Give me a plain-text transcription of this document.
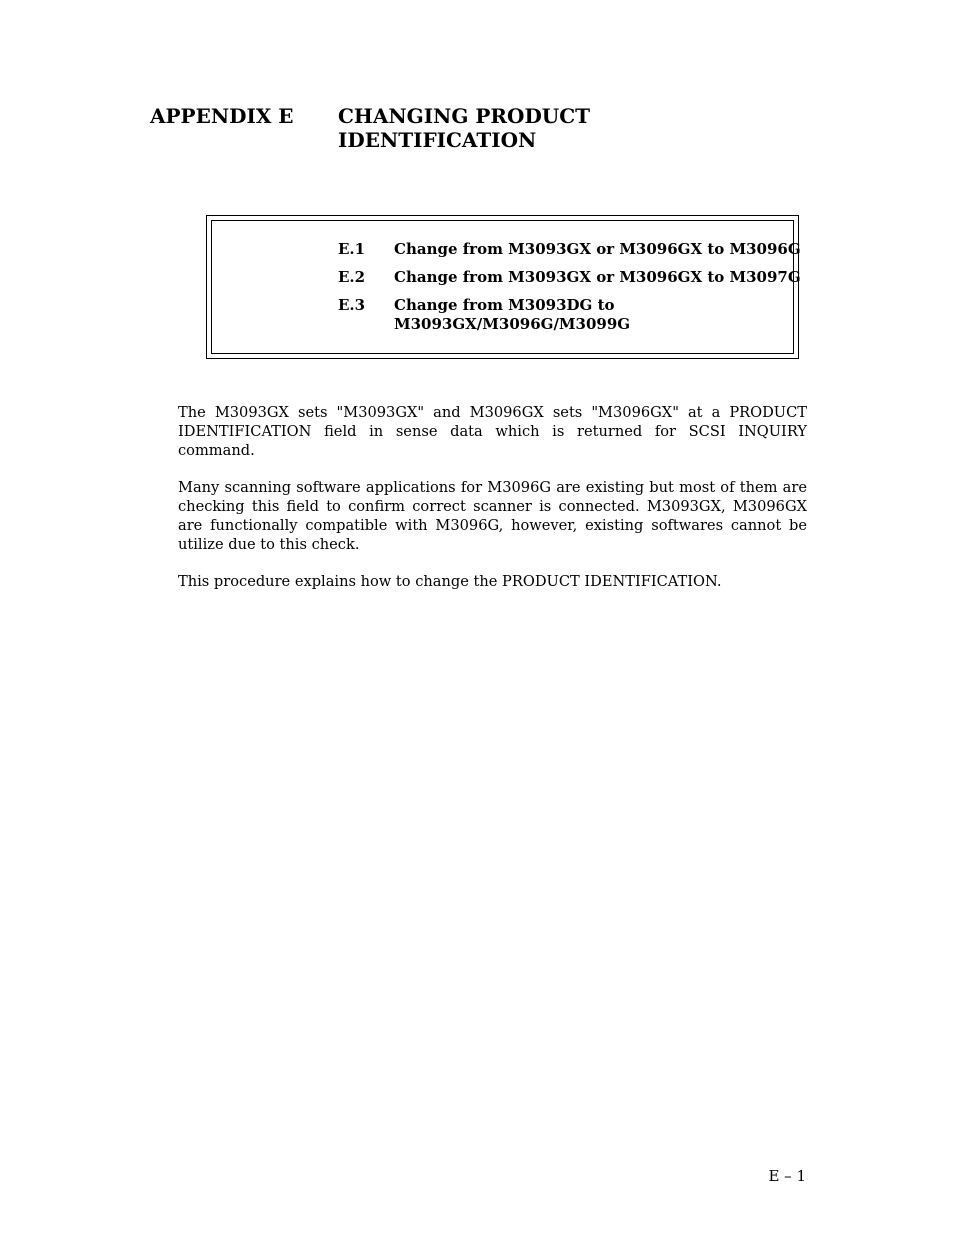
APPENDIX E CHANGING PRODUCT
IDENTIFICATION
E.1	Change from M3093GX or M3096GX to M3096G
E.2	Change from M3093GX or M3096GX to M3097G
E.3	Change from M3093DG to
M3093GX/M3096G/M3099G

The M3093GX sets "M3093GX" and M3096GX sets "M3096GX" at a PRODUCT IDENTIFICATION field in sense data which is returned for SCSI INQUIRY command.

Many scanning software applications for M3096G are existing but most of them are checking this field to confirm correct scanner is connected. M3093GX, M3096GX are functionally compatible with M3096G, however, existing softwares cannot be utilize due to this check.

This procedure explains how to change the PRODUCT IDENTIFICATION.

E – 1
